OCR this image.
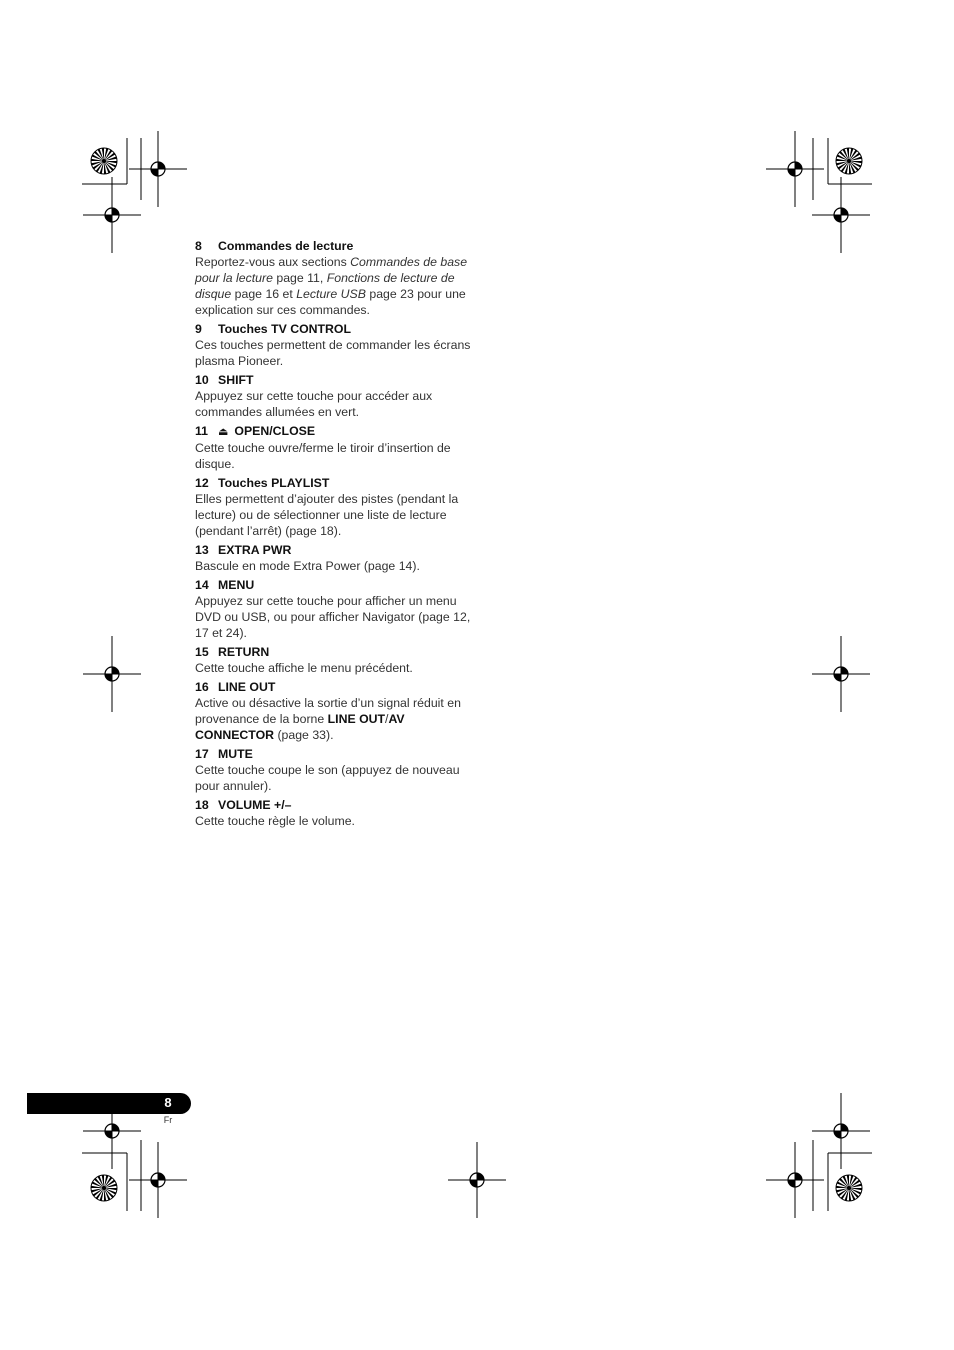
8 Commandes de lecture

Reportez-vous aux sections Commandes de base pour la lecture page 11, Fonctions de lecture de disque page 16 et Lecture USB page 23 pour une explication sur ces commandes.

9 Touches TV CONTROL

Ces touches permettent de commander les écrans plasma Pioneer.

10 SHIFT

Appuyez sur cette touche pour accéder aux commandes allumées en vert.

11 ⏏ OPEN/CLOSE

Cette touche ouvre/ferme le tiroir d’insertion de disque.

12 Touches PLAYLIST

Elles permettent d’ajouter des pistes (pendant la lecture) ou de sélectionner une liste de lecture (pendant l’arrêt) (page 18).

13 EXTRA PWR

Bascule en mode Extra Power (page 14).

14 MENU

Appuyez sur cette touche pour afficher un menu DVD ou USB, ou pour afficher Navigator (page 12, 17 et 24).

15 RETURN

Cette touche affiche le menu précédent.

16 LINE OUT

Active ou désactive la sortie d’un signal réduit en provenance de la borne LINE OUT/AV CONNECTOR (page 33).

17 MUTE

Cette touche coupe le son (appuyez de nouveau pour annuler).

18 VOLUME +/–

Cette touche règle le volume.

8
Fr
